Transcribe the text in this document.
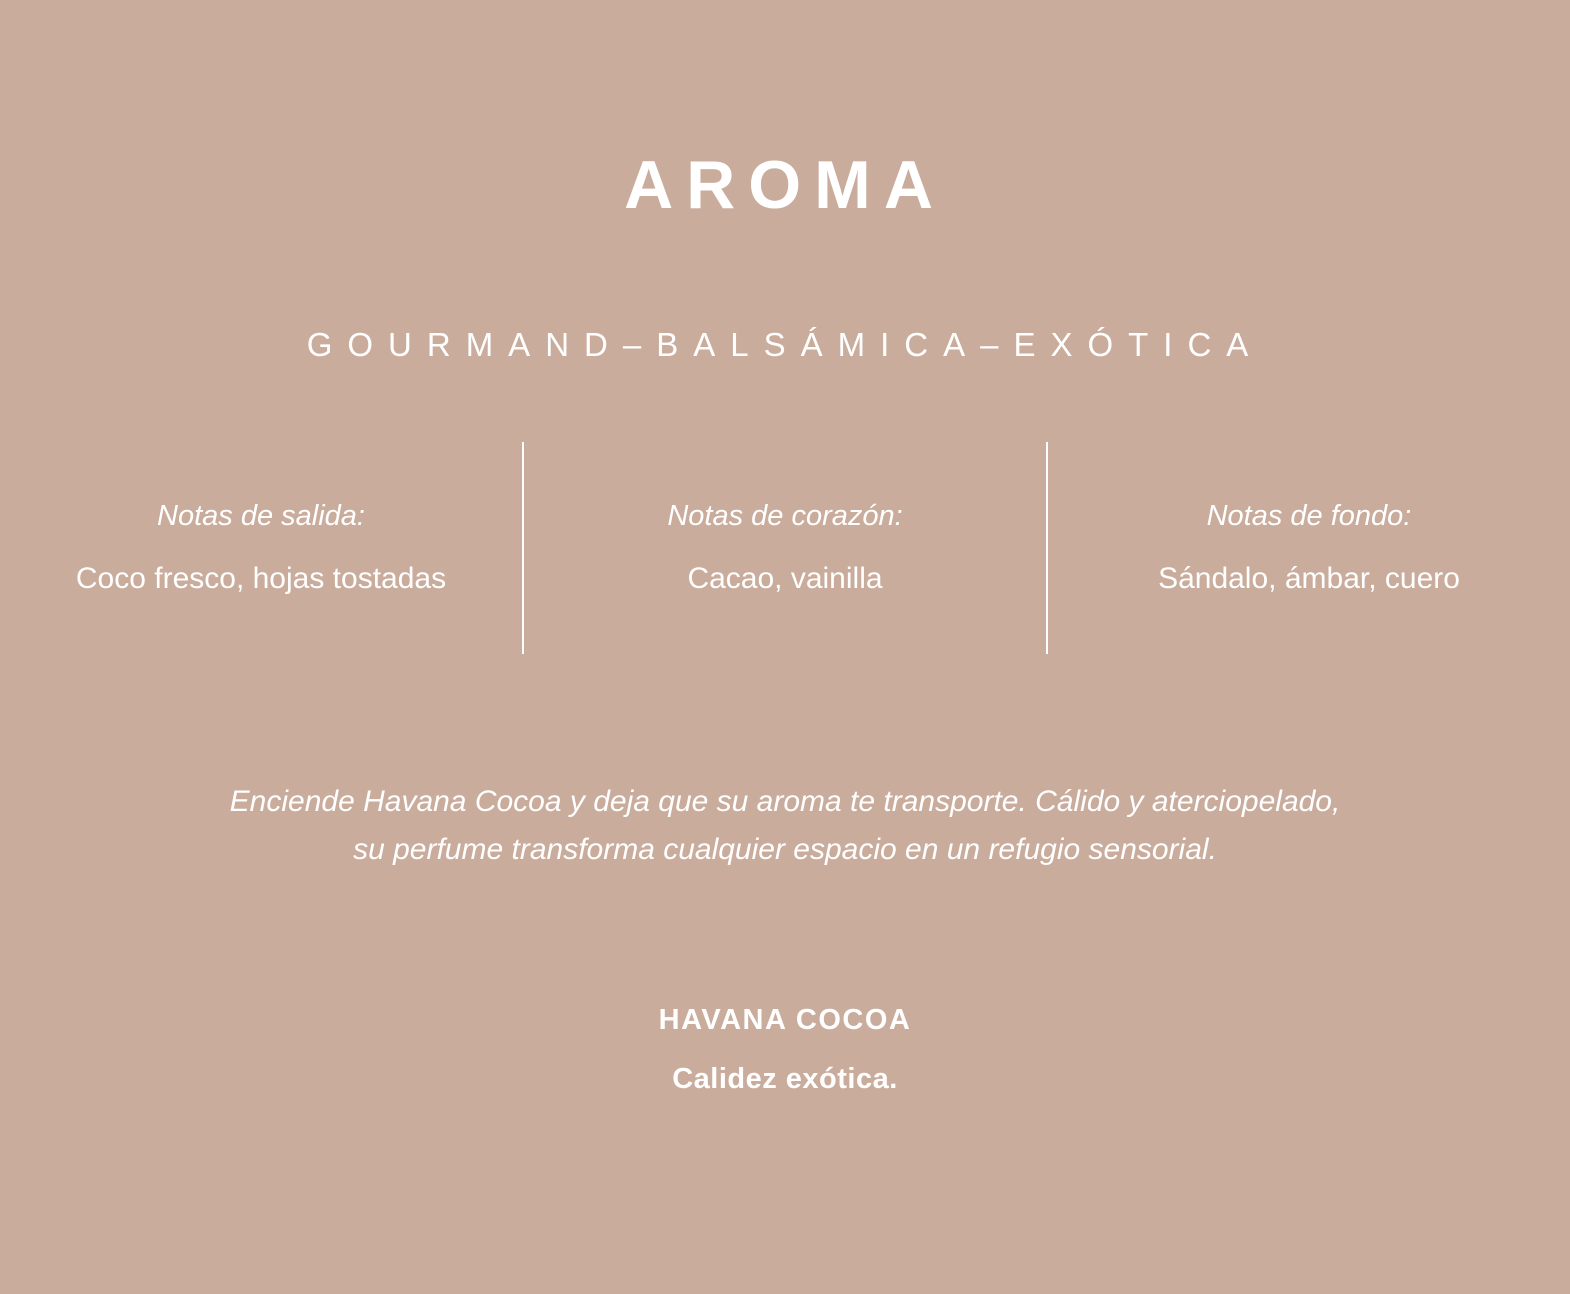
AROMA
GOURMAND–BALSÁMICA–EXÓTICA
Notas de salida:
Coco fresco, hojas tostadas
Notas de corazón:
Cacao, vainilla
Notas de fondo:
Sándalo, ámbar, cuero

Enciende Havana Cocoa y deja que su aroma te transporte. Cálido y aterciopelado, su perfume transforma cualquier espacio en un refugio sensorial.

HAVANA COCOA
Calidez exótica.
